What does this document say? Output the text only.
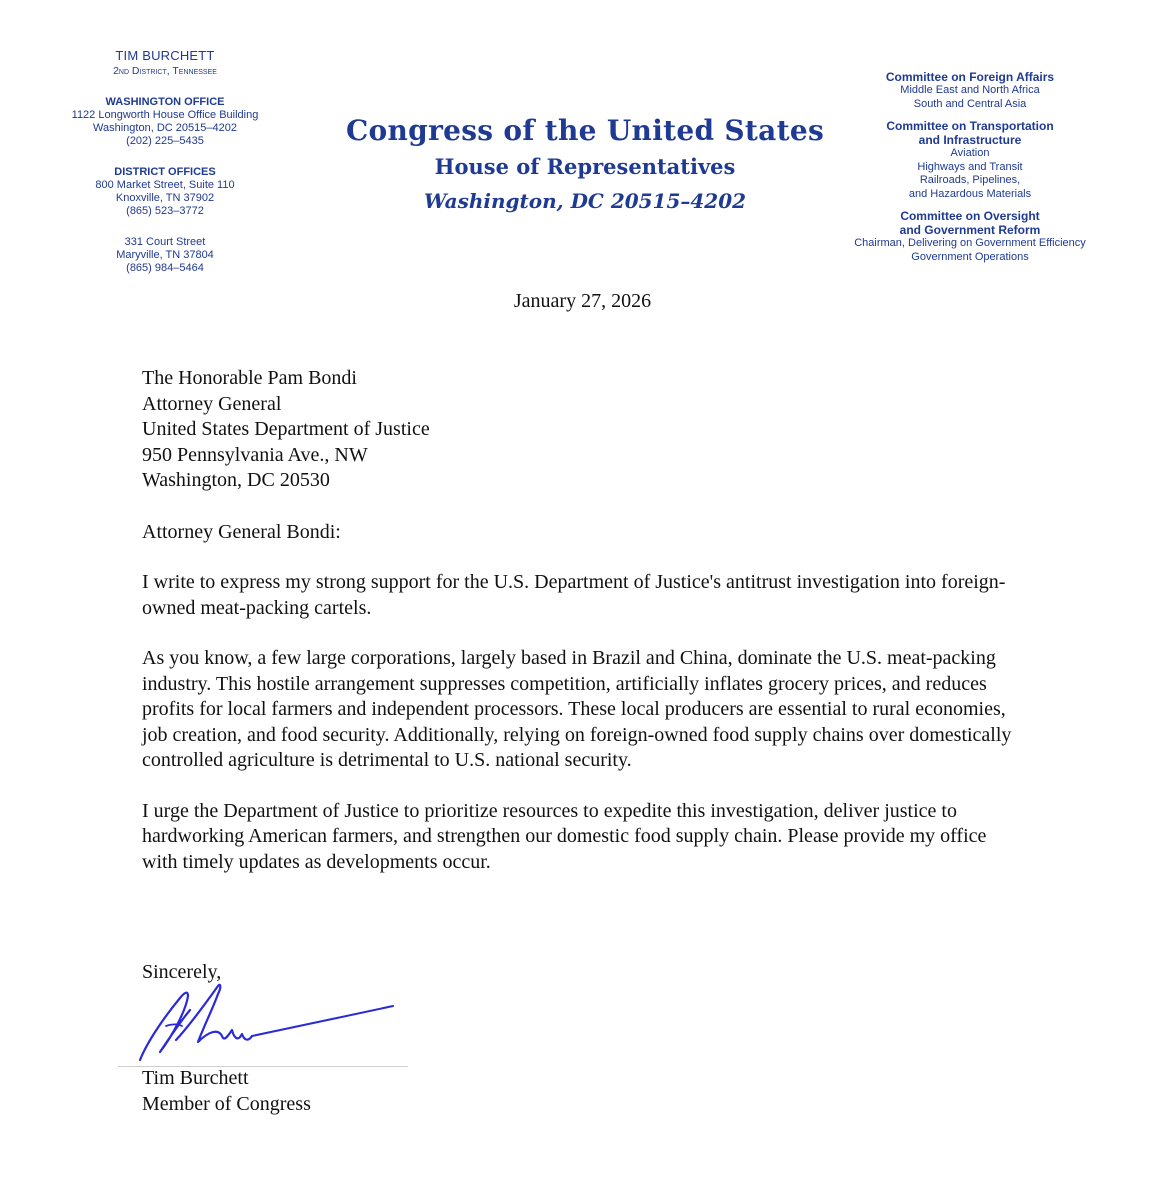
TIM BURCHETT
2nd District, Tennessee
WASHINGTON OFFICE
1122 Longworth House Office Building
Washington, DC 20515–4202
(202) 225–5435
DISTRICT OFFICES
800 Market Street, Suite 110
Knoxville, TN 37902
(865) 523–3772
331 Court Street
Maryville, TN 37804
(865) 984–5464
Congress of the United States
House of Representatives
Washington, DC 20515–4202
Committee on Foreign Affairs
Middle East and North Africa
South and Central Asia
Committee on Transportation
and Infrastructure
Aviation
Highways and Transit
Railroads, Pipelines,
and Hazardous Materials
Committee on Oversight
and Government Reform
Chairman, Delivering on Government Efficiency
Government Operations
January 27, 2026
The Honorable Pam Bondi
Attorney General
United States Department of Justice
950 Pennsylvania Ave., NW
Washington, DC 20530
Attorney General Bondi:
I write to express my strong support for the U.S. Department of Justice's antitrust investigation into foreign-owned meat-packing cartels.
As you know, a few large corporations, largely based in Brazil and China, dominate the U.S. meat-packing industry. This hostile arrangement suppresses competition, artificially inflates grocery prices, and reduces profits for local farmers and independent processors. These local producers are essential to rural economies, job creation, and food security. Additionally, relying on foreign-owned food supply chains over domestically controlled agriculture is detrimental to U.S. national security.
I urge the Department of Justice to prioritize resources to expedite this investigation, deliver justice to hardworking American farmers, and strengthen our domestic food supply chain. Please provide my office with timely updates as developments occur.
Sincerely,
Tim Burchett
Member of Congress
